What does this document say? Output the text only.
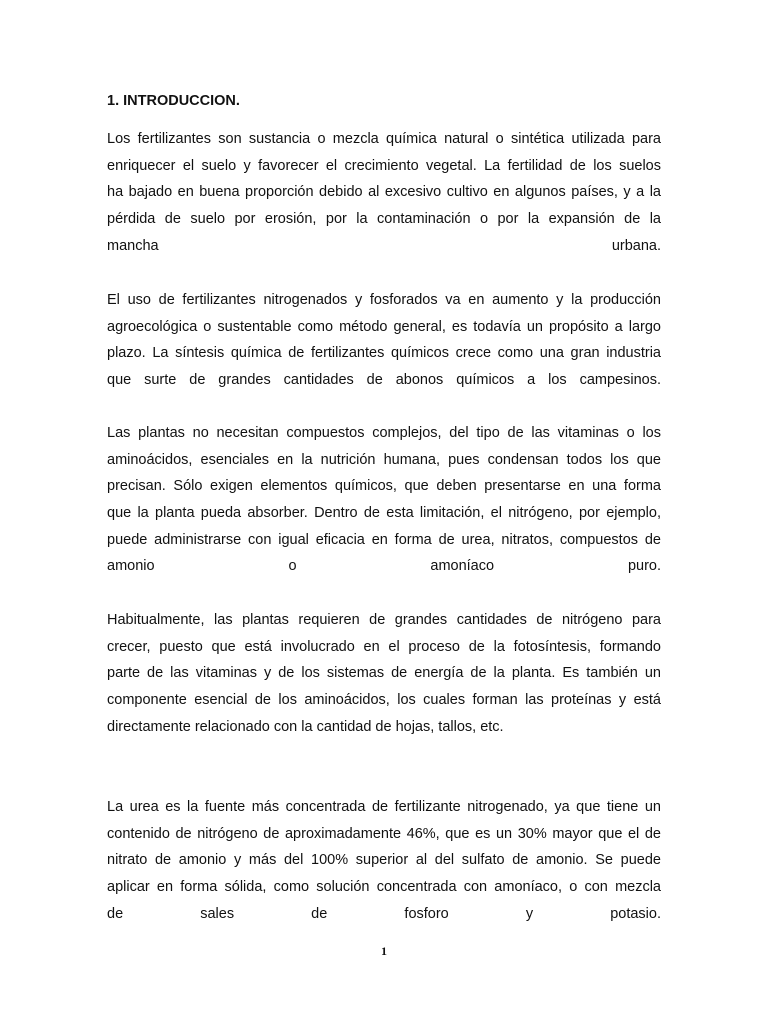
1. INTRODUCCION.
Los fertilizantes son sustancia o mezcla química natural o sintética utilizada para
enriquecer el suelo y favorecer el crecimiento vegetal. La fertilidad de los suelos
ha bajado en buena proporción debido al excesivo cultivo en algunos países, y a la
pérdida de suelo por erosión, por la contaminación o por la expansión de la
mancha urbana.
El uso de fertilizantes nitrogenados y fosforados va en aumento y la producción
agroecológica o sustentable como método general, es todavía un propósito a largo
plazo. La síntesis química de fertilizantes químicos crece como una gran industria
que surte de grandes cantidades de abonos químicos a los campesinos.
Las plantas no necesitan compuestos complejos, del tipo de las vitaminas o los
aminoácidos, esenciales en la nutrición humana, pues condensan todos los que
precisan. Sólo exigen elementos químicos, que deben presentarse en una forma
que la planta pueda absorber. Dentro de esta limitación, el nitrógeno, por ejemplo,
puede administrarse con igual eficacia en forma de urea, nitratos, compuestos de
amonio o amoníaco puro.
Habitualmente, las plantas requieren de grandes cantidades de nitrógeno para
crecer, puesto que está involucrado en el proceso de la fotosíntesis, formando
parte de las vitaminas y de los sistemas de energía de la planta. Es también un
componente esencial de los aminoácidos, los cuales forman las proteínas y está
directamente relacionado con la cantidad de hojas, tallos, etc.
La urea es la fuente más concentrada de fertilizante nitrogenado, ya que tiene un
contenido de nitrógeno de aproximadamente 46%, que es un 30% mayor que el de
nitrato de amonio y más del 100% superior al del sulfato de amonio. Se puede
aplicar en forma sólida, como solución concentrada con amoníaco, o con mezcla
de sales de fosforo y potasio.
1
